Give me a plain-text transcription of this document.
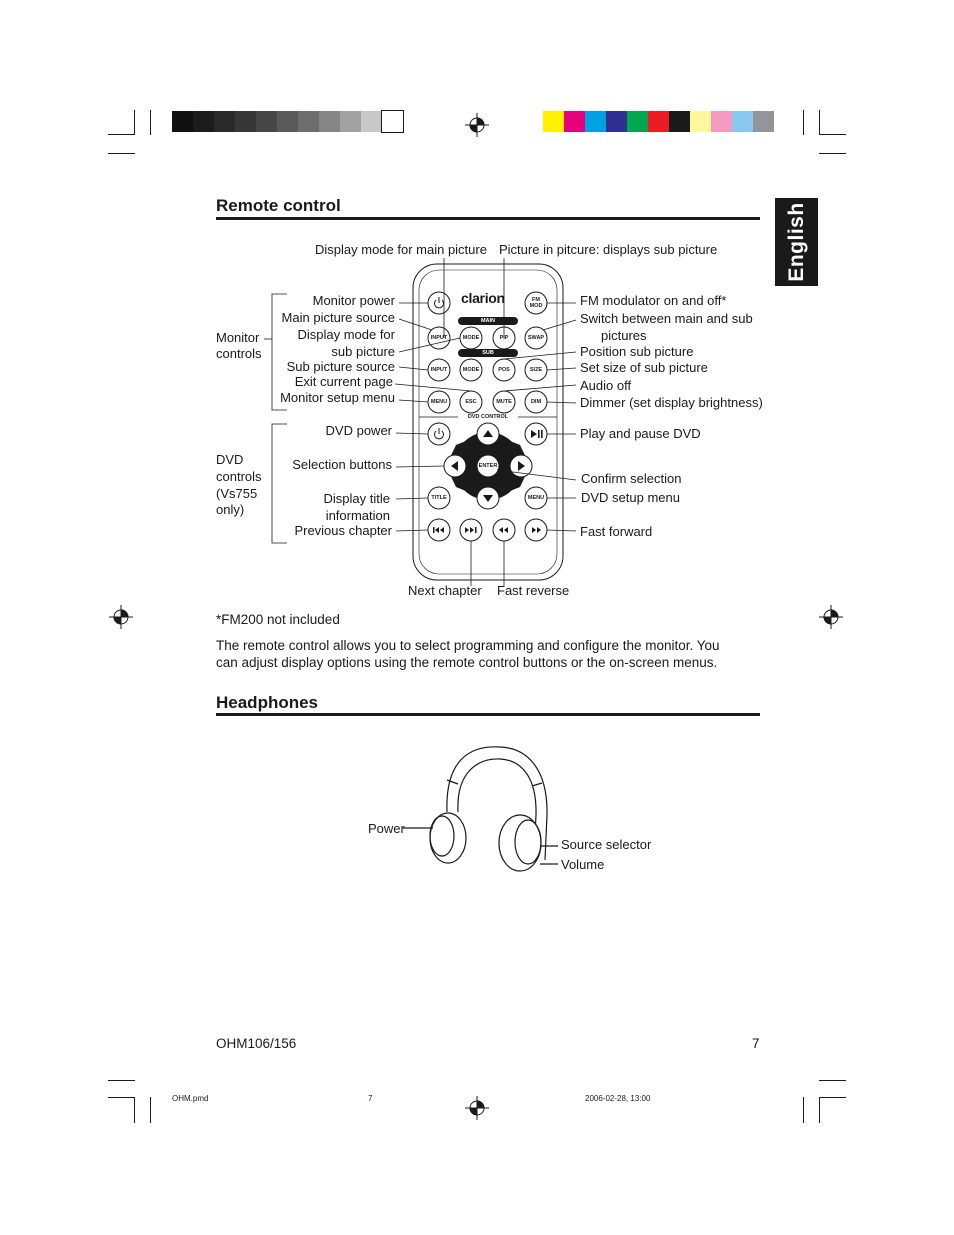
English
Remote control
clarion
MAIN
SUB
DVD CONTROL
FM MOD
INPUT	MODE	PIP	SWAP
INPUT	MODE	POS	SIZE
MENU	ESC	MUTE	DIM
ENTER
TITLE	MENU
Display mode for main picture Picture in pitcure: displays sub picture
Monitor power
Main picture source
Display mode for
sub picture
Sub picture source
Exit current page
Monitor setup menu
DVD power
Selection buttons
Display title
information
Previous chapter
Monitor
controls
DVD
controls
(Vs755
only)
FM modulator on and off*
Switch between main and sub
pictures
Position sub picture
Set size of sub picture
Audio off
Dimmer (set display brightness)
Play and pause DVD
Confirm selection
DVD setup menu
Fast forward
Next chapter Fast reverse
*FM200 not included
The remote control allows you to select programming and configure the monitor. You
can adjust display options using the remote control buttons or the on-screen menus.
Headphones
Power
Source selector
Volume
OHM106/156	7
OHM.pmd	7	2006-02-28, 13:00
